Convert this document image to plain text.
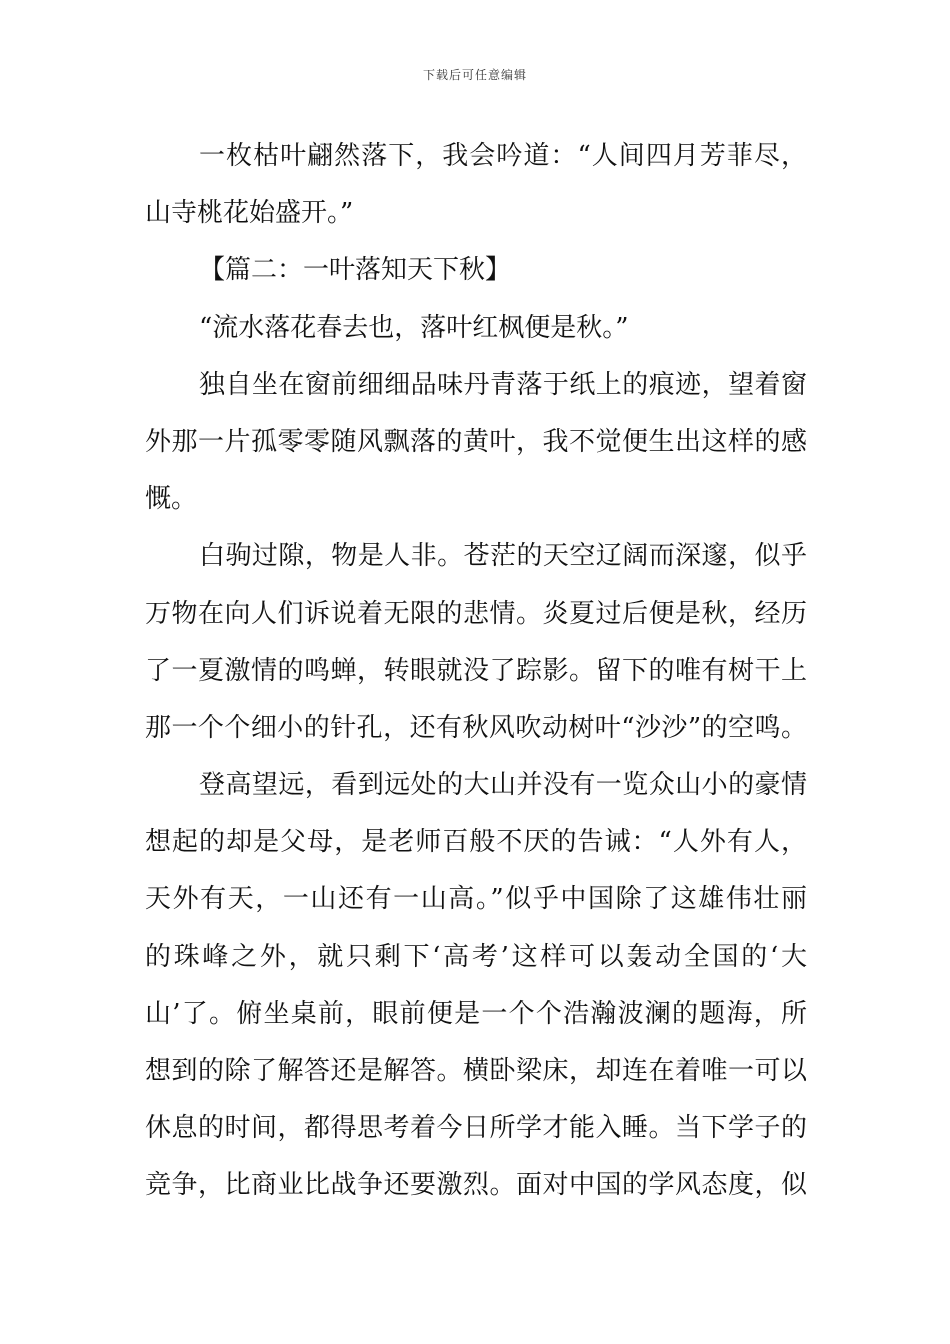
下载后可任意编辑
一枚枯叶翩然落下，我会吟道：“人间四月芳菲尽，
山寺桃花始盛开。”
【篇二：一叶落知天下秋】
“流水落花春去也，落叶红枫便是秋。”
独自坐在窗前细细品味丹青落于纸上的痕迹，望着窗
外那一片孤零零随风飘落的黄叶，我不觉便生出这样的感
慨。
白驹过隙，物是人非。苍茫的天空辽阔而深邃，似乎
万物在向人们诉说着无限的悲情。炎夏过后便是秋，经历
了一夏激情的鸣蝉，转眼就没了踪影。留下的唯有树干上
那一个个细小的针孔，还有秋风吹动树叶“沙沙”的空鸣。
登高望远，看到远处的大山并没有一览众山小的豪情
想起的却是父母，是老师百般不厌的告诫：“人外有人，
天外有天，一山还有一山高。”似乎中国除了这雄伟壮丽
的珠峰之外，就只剩下‘高考’这样可以轰动全国的‘大
山’了。俯坐桌前，眼前便是一个个浩瀚波澜的题海，所
想到的除了解答还是解答。横卧梁床，却连在着唯一可以
休息的时间，都得思考着今日所学才能入睡。当下学子的
竞争，比商业比战争还要激烈。面对中国的学风态度，似
